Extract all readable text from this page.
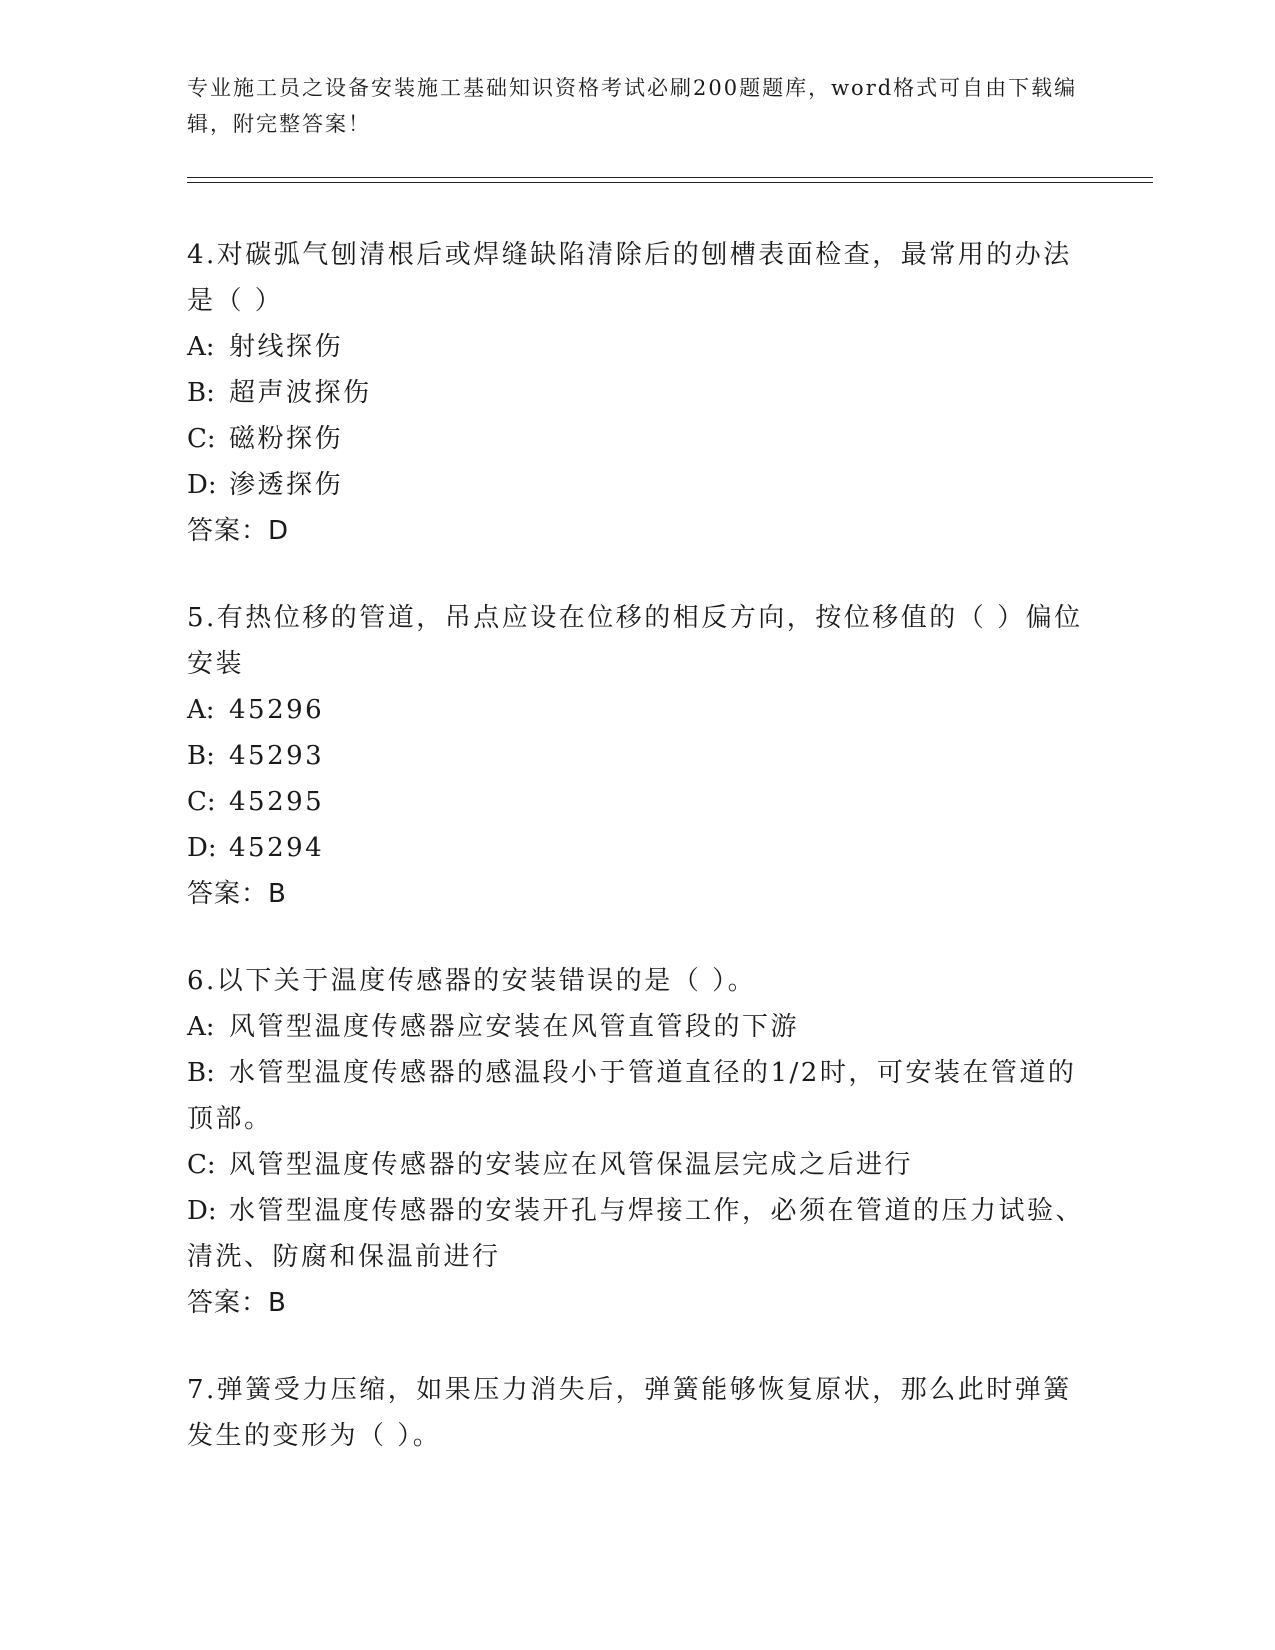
专业施工员之设备安装施工基础知识资格考试必刷200题题库，word格式可自由下载编辑，附完整答案！

4.对碳弧气刨清根后或焊缝缺陷清除后的刨槽表面检查，最常用的办法是（ ）

A: 射线探伤

B: 超声波探伤

C: 磁粉探伤

D: 渗透探伤

答案：D

5.有热位移的管道，吊点应设在位移的相反方向，按位移值的（ ）偏位安装

A: 45296

B: 45293

C: 45295

D: 45294

答案：B

6.以下关于温度传感器的安装错误的是（ ）。

A: 风管型温度传感器应安装在风管直管段的下游

B: 水管型温度传感器的感温段小于管道直径的1/2时，可安装在管道的顶部。

C: 风管型温度传感器的安装应在风管保温层完成之后进行

D: 水管型温度传感器的安装开孔与焊接工作，必须在管道的压力试验、清洗、防腐和保温前进行

答案：B

7.弹簧受力压缩，如果压力消失后，弹簧能够恢复原状，那么此时弹簧发生的变形为（ ）。
